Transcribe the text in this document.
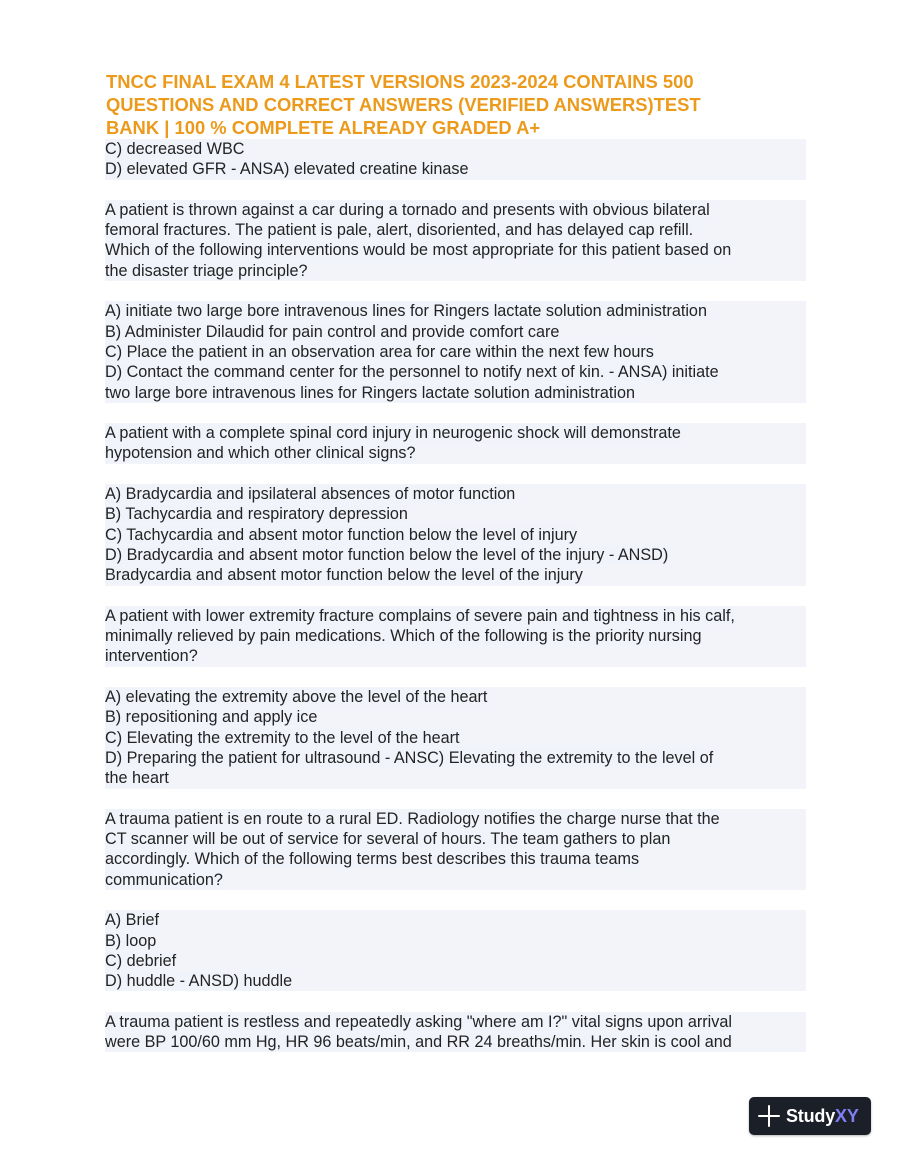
TNCC FINAL EXAM 4 LATEST VERSIONS 2023-2024 CONTAINS 500
QUESTIONS AND CORRECT ANSWERS (VERIFIED ANSWERS)TEST
BANK | 100 % COMPLETE ALREADY GRADED A+
C) decreased WBC
D) elevated GFR - ANSA) elevated creatine kinase
A patient is thrown against a car during a tornado and presents with obvious bilateral
femoral fractures. The patient is pale, alert, disoriented, and has delayed cap refill.
Which of the following interventions would be most appropriate for this patient based on
the disaster triage principle?
A) initiate two large bore intravenous lines for Ringers lactate solution administration
B) Administer Dilaudid for pain control and provide comfort care
C) Place the patient in an observation area for care within the next few hours
D) Contact the command center for the personnel to notify next of kin. - ANSA) initiate
two large bore intravenous lines for Ringers lactate solution administration
A patient with a complete spinal cord injury in neurogenic shock will demonstrate
hypotension and which other clinical signs?
A) Bradycardia and ipsilateral absences of motor function
B) Tachycardia and respiratory depression
C) Tachycardia and absent motor function below the level of injury
D) Bradycardia and absent motor function below the level of the injury - ANSD)
Bradycardia and absent motor function below the level of the injury
A patient with lower extremity fracture complains of severe pain and tightness in his calf,
minimally relieved by pain medications. Which of the following is the priority nursing
intervention?
A) elevating the extremity above the level of the heart
B) repositioning and apply ice
C) Elevating the extremity to the level of the heart
D) Preparing the patient for ultrasound - ANSC) Elevating the extremity to the level of
the heart
A trauma patient is en route to a rural ED. Radiology notifies the charge nurse that the
CT scanner will be out of service for several of hours. The team gathers to plan
accordingly. Which of the following terms best describes this trauma teams
communication?
A) Brief
B) loop
C) debrief
D) huddle - ANSD) huddle
A trauma patient is restless and repeatedly asking "where am I?" vital signs upon arrival
were BP 100/60 mm Hg, HR 96 beats/min, and RR 24 breaths/min. Her skin is cool and
StudyXY
